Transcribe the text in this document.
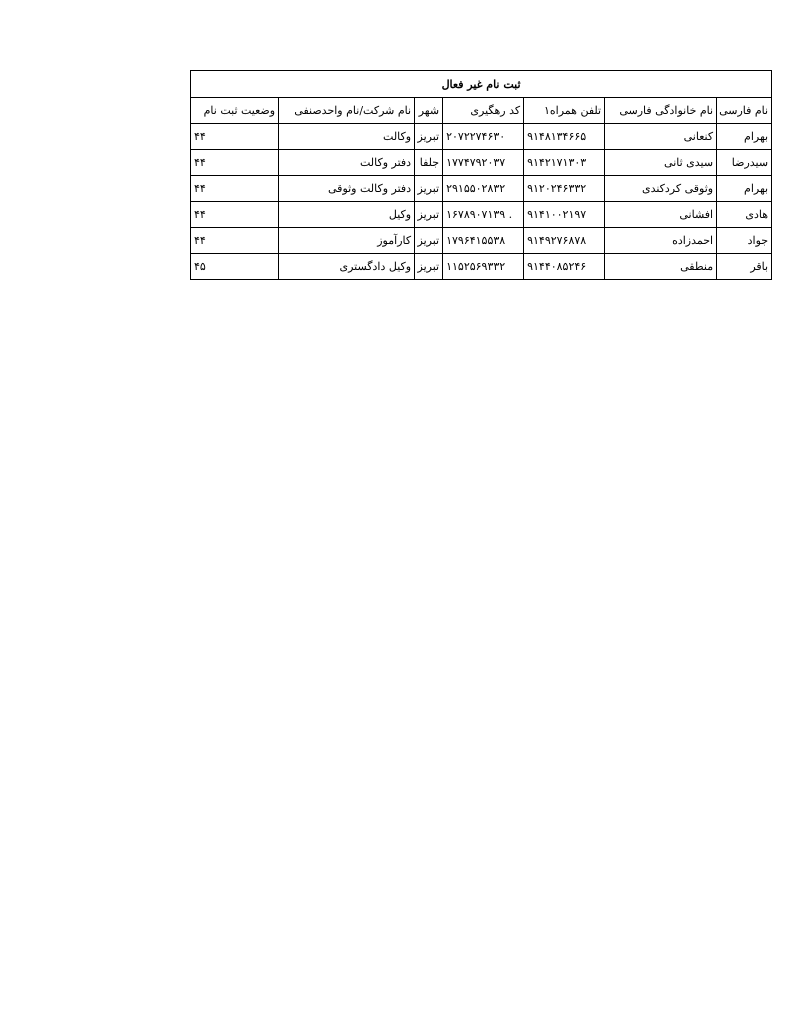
ثبت نام غیر فعال						
نام فارسی	نام خانوادگی فارسی	تلفن همراه۱	کد رهگیری	شهر	نام شرکت/نام واحدصنفی	وضعیت ثبت نام
بهرام	کنعانی	۹۱۴۸۱۳۴۶۶۵	۲۰۷۲۲۷۴۶۳۰	تبریز	وکالت	۴۴
سیدرضا	سیدی ثانی	۹۱۴۲۱۷۱۳۰۳	۱۷۷۴۷۹۲۰۳۷	جلفا	دفتر وکالت	۴۴
بهرام	وثوقی کردکندی	۹۱۲۰۲۴۶۳۳۲	۲۹۱۵۵۰۲۸۳۲	تبریز	دفتر وکالت وثوقی	۴۴
هادی	افشانی	۹۱۴۱۰۰۲۱۹۷	۱۶۷۸۹۰۷۱۳۹ .	تبریز	وکیل	۴۴
جواد	احمدزاده	۹۱۴۹۲۷۶۸۷۸	۱۷۹۶۴۱۵۵۳۸	تبریز	کارآموز	۴۴
باقر	منطقی	۹۱۴۴۰۸۵۲۴۶	۱۱۵۲۵۶۹۳۳۲	تبریز	وکیل دادگستری	۴۵
